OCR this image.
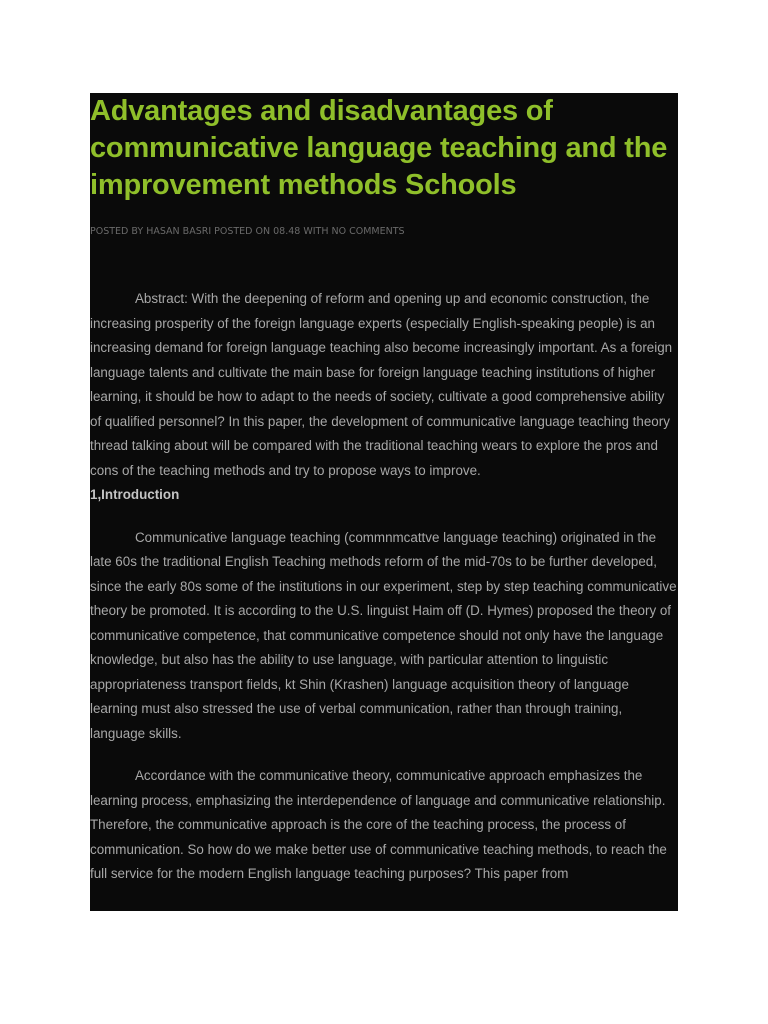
Advantages and disadvantages of communicative language teaching and the improvement methods Schools
POSTED BY HASAN BASRI POSTED ON 08.48 WITH NO COMMENTS

Abstract: With the deepening of reform and opening up and economic construction, the increasing prosperity of the foreign language experts (especially English-speaking people) is an increasing demand for foreign language teaching also become increasingly important. As a foreign language talents and cultivate the main base for foreign language teaching institutions of higher learning, it should be how to adapt to the needs of society, cultivate a good comprehensive ability of qualified personnel? In this paper, the development of communicative language teaching theory thread talking about will be compared with the traditional teaching wears to explore the pros and cons of the teaching methods and try to propose ways to improve.

1,Introduction

Communicative language teaching (commnmcattve language teaching) originated in the late 60s the traditional English Teaching methods reform of the mid-70s to be further developed, since the early 80s some of the institutions in our experiment, step by step teaching communicative theory be promoted. It is according to the U.S. linguist Haim off (D. Hymes) proposed the theory of communicative competence, that communicative competence should not only have the language knowledge, but also has the ability to use language, with particular attention to linguistic appropriateness transport fields, kt Shin (Krashen) language acquisition theory of language learning must also stressed the use of verbal communication, rather than through training, language skills.

Accordance with the communicative theory, communicative approach emphasizes the learning process, emphasizing the interdependence of language and communicative relationship. Therefore, the communicative approach is the core of the teaching process, the process of communication. So how do we make better use of communicative teaching methods, to reach the full service for the modern English language teaching purposes? This paper from
